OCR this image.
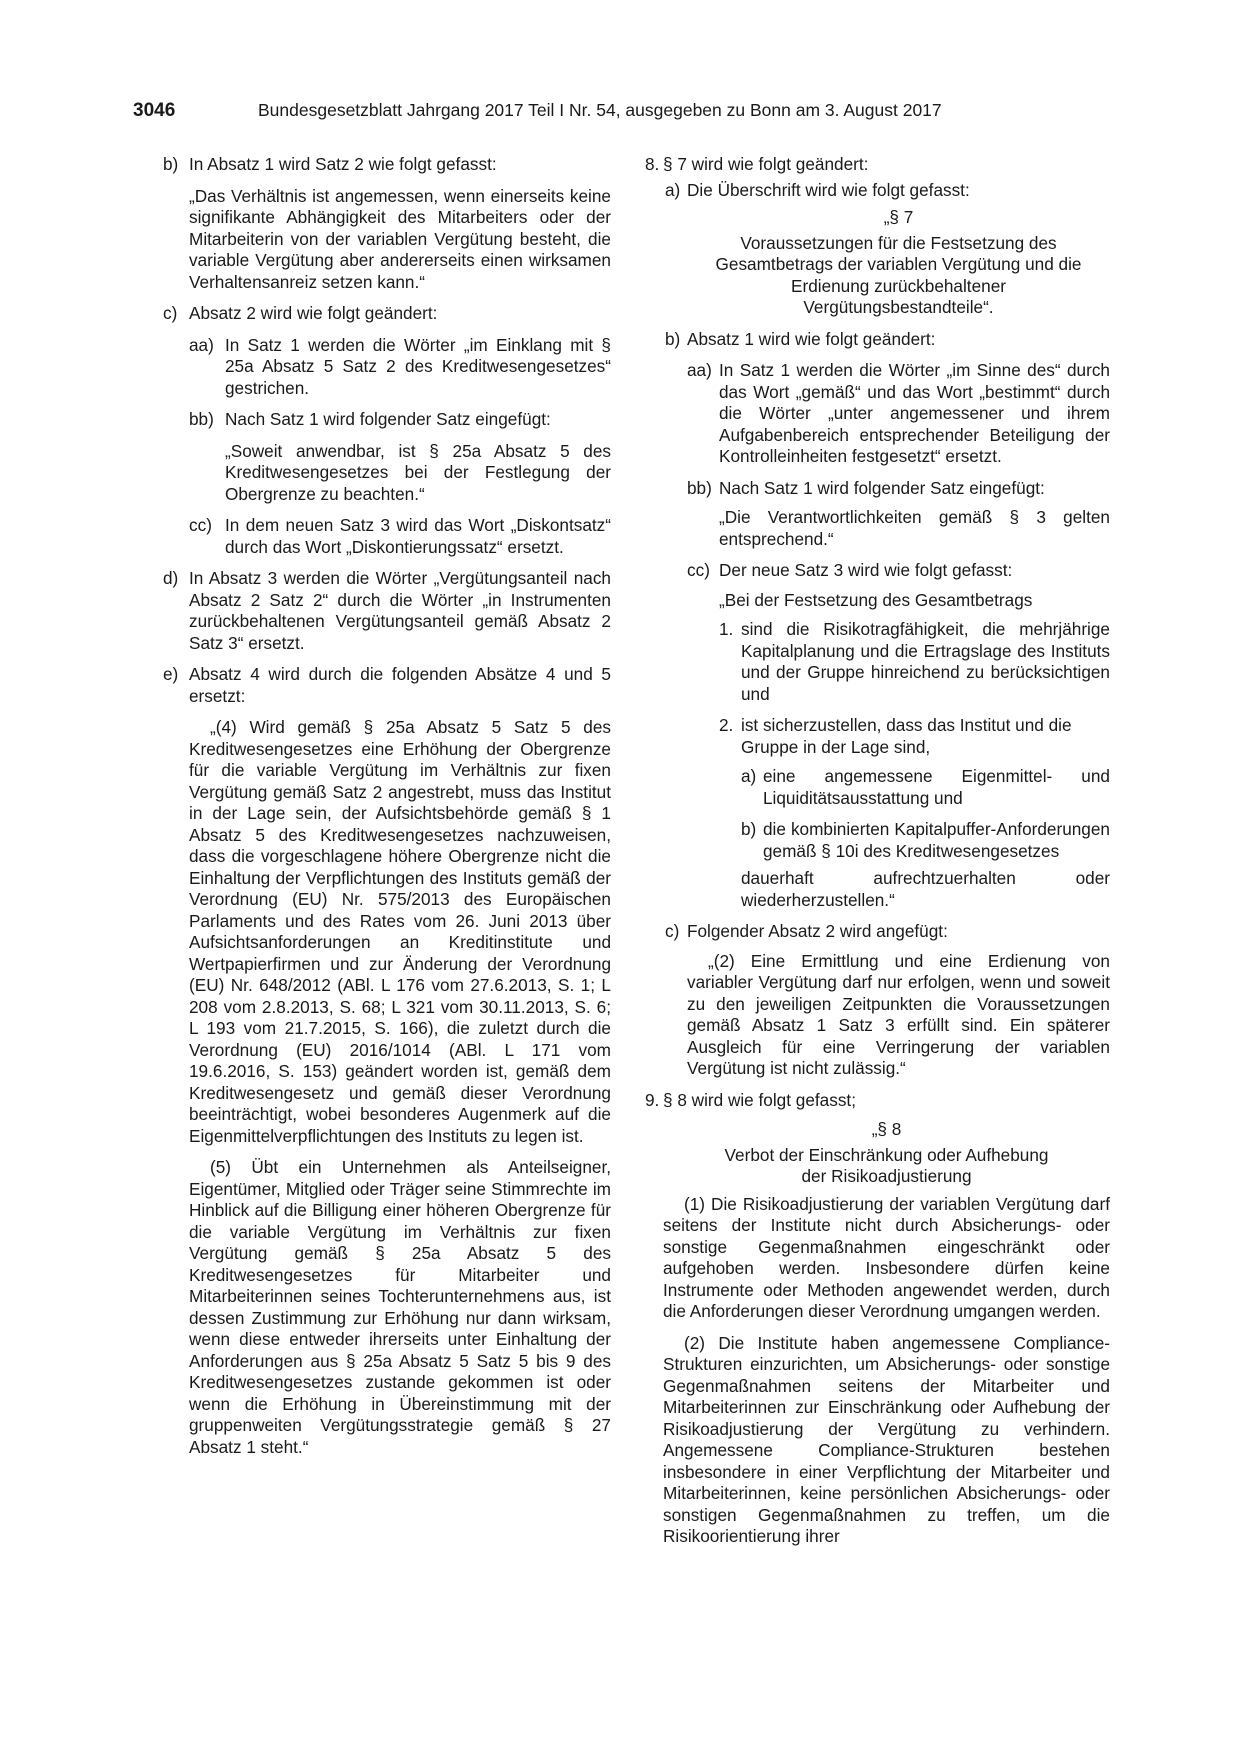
3046	Bundesgesetzblatt Jahrgang 2017 Teil I Nr. 54, ausgegeben zu Bonn am 3. August 2017
b) In Absatz 1 wird Satz 2 wie folgt gefasst:

„Das Verhältnis ist angemessen, wenn einerseits keine signifikante Abhängigkeit des Mitarbeiters oder der Mitarbeiterin von der variablen Vergütung besteht, die variable Vergütung aber andererseits einen wirksamen Verhaltensanreiz setzen kann.“

c) Absatz 2 wird wie folgt geändert:

aa) In Satz 1 werden die Wörter „im Einklang mit § 25a Absatz 5 Satz 2 des Kreditwesengesetzes“ gestrichen.

bb) Nach Satz 1 wird folgender Satz eingefügt:

„Soweit anwendbar, ist § 25a Absatz 5 des Kreditwesengesetzes bei der Festlegung der Obergrenze zu beachten.“

cc) In dem neuen Satz 3 wird das Wort „Diskontsatz“ durch das Wort „Diskontierungssatz“ ersetzt.

d) In Absatz 3 werden die Wörter „Vergütungsanteil nach Absatz 2 Satz 2“ durch die Wörter „in Instrumenten zurückbehaltenen Vergütungsanteil gemäß Absatz 2 Satz 3“ ersetzt.

e) Absatz 4 wird durch die folgenden Absätze 4 und 5 ersetzt:

„(4) Wird gemäß § 25a Absatz 5 Satz 5 des Kreditwesengesetzes eine Erhöhung der Obergrenze für die variable Vergütung im Verhältnis zur fixen Vergütung gemäß Satz 2 angestrebt, muss das Institut in der Lage sein, der Aufsichtsbehörde gemäß § 1 Absatz 5 des Kreditwesengesetzes nachzuweisen, dass die vorgeschlagene höhere Obergrenze nicht die Einhaltung der Verpflichtungen des Instituts gemäß der Verordnung (EU) Nr. 575/2013 des Europäischen Parlaments und des Rates vom 26. Juni 2013 über Aufsichtsanforderungen an Kreditinstitute und Wertpapierfirmen und zur Änderung der Verordnung (EU) Nr. 648/2012 (ABl. L 176 vom 27.6.2013, S. 1; L 208 vom 2.8.2013, S. 68; L 321 vom 30.11.2013, S. 6; L 193 vom 21.7.2015, S. 166), die zuletzt durch die Verordnung (EU) 2016/1014 (ABl. L 171 vom 19.6.2016, S. 153) geändert worden ist, gemäß dem Kreditwesengesetz und gemäß dieser Verordnung beeinträchtigt, wobei besonderes Augenmerk auf die Eigenmittelverpflichtungen des Instituts zu legen ist.

(5) Übt ein Unternehmen als Anteilseigner, Eigentümer, Mitglied oder Träger seine Stimmrechte im Hinblick auf die Billigung einer höheren Obergrenze für die variable Vergütung im Verhältnis zur fixen Vergütung gemäß § 25a Absatz 5 des Kreditwesengesetzes für Mitarbeiter und Mitarbeiterinnen seines Tochterunternehmens aus, ist dessen Zustimmung zur Erhöhung nur dann wirksam, wenn diese entweder ihrerseits unter Einhaltung der Anforderungen aus § 25a Absatz 5 Satz 5 bis 9 des Kreditwesengesetzes zustande gekommen ist oder wenn die Erhöhung in Übereinstimmung mit der gruppenweiten Vergütungsstrategie gemäß § 27 Absatz 1 steht.“

8. § 7 wird wie folgt geändert:

a) Die Überschrift wird wie folgt gefasst:

„§ 7

Voraussetzungen für die Festsetzung des Gesamtbetrags der variablen Vergütung und die Erdienung zurückbehaltener Vergütungsbestandteile“.

b) Absatz 1 wird wie folgt geändert:

aa) In Satz 1 werden die Wörter „im Sinne des“ durch das Wort „gemäß“ und das Wort „bestimmt“ durch die Wörter „unter angemessener und ihrem Aufgabenbereich entsprechender Beteiligung der Kontrolleinheiten festgesetzt“ ersetzt.

bb) Nach Satz 1 wird folgender Satz eingefügt:

„Die Verantwortlichkeiten gemäß § 3 gelten entsprechend.“

cc) Der neue Satz 3 wird wie folgt gefasst:

„Bei der Festsetzung des Gesamtbetrags

1. sind die Risikotragfähigkeit, die mehrjährige Kapitalplanung und die Ertragslage des Instituts und der Gruppe hinreichend zu berücksichtigen und

2. ist sicherzustellen, dass das Institut und die Gruppe in der Lage sind,

a) eine angemessene Eigenmittel- und Liquiditätsausstattung und

b) die kombinierten Kapitalpuffer-Anforderungen gemäß § 10i des Kreditwesengesetzes

dauerhaft aufrechtzuerhalten oder wiederherzustellen.“

c) Folgender Absatz 2 wird angefügt:

„(2) Eine Ermittlung und eine Erdienung von variabler Vergütung darf nur erfolgen, wenn und soweit zu den jeweiligen Zeitpunkten die Voraussetzungen gemäß Absatz 1 Satz 3 erfüllt sind. Ein späterer Ausgleich für eine Verringerung der variablen Vergütung ist nicht zulässig.“

9. § 8 wird wie folgt gefasst;

„§ 8

Verbot der Einschränkung oder Aufhebung der Risikoadjustierung

(1) Die Risikoadjustierung der variablen Vergütung darf seitens der Institute nicht durch Absicherungs- oder sonstige Gegenmaßnahmen eingeschränkt oder aufgehoben werden. Insbesondere dürfen keine Instrumente oder Methoden angewendet werden, durch die Anforderungen dieser Verordnung umgangen werden.

(2) Die Institute haben angemessene Compliance-Strukturen einzurichten, um Absicherungs- oder sonstige Gegenmaßnahmen seitens der Mitarbeiter und Mitarbeiterinnen zur Einschränkung oder Aufhebung der Risikoadjustierung der Vergütung zu verhindern. Angemessene Compliance-Strukturen bestehen insbesondere in einer Verpflichtung der Mitarbeiter und Mitarbeiterinnen, keine persönlichen Absicherungs- oder sonstigen Gegenmaßnahmen zu treffen, um die Risikoorientierung ihrer
